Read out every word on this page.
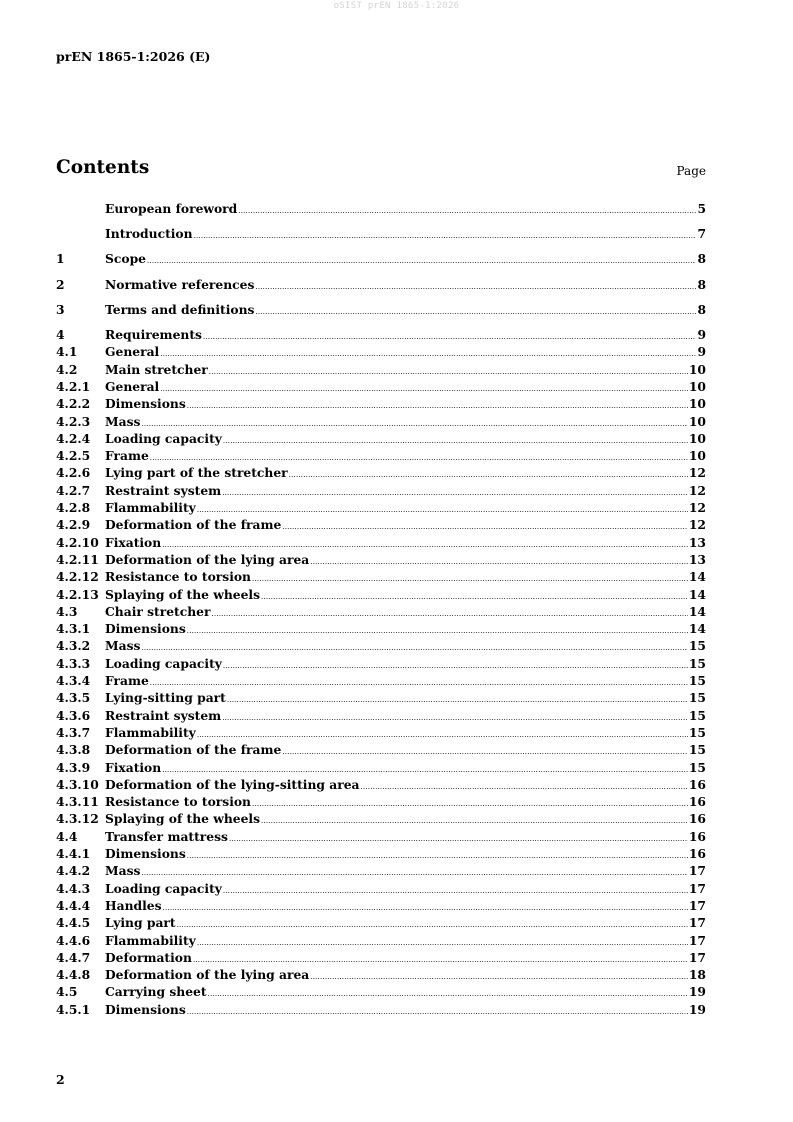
oSIST prEN 1865-1:2026
prEN 1865-1:2026 (E)
Contents	Page
European foreword .....	5
Introduction .....	7
1	Scope .....	8
2	Normative references .....	8
3	Terms and definitions .....	8
4	Requirements .....	9
4.1	General .....	9
4.2	Main stretcher .....	10
4.2.1	General .....	10
4.2.2	Dimensions .....	10
4.2.3	Mass .....	10
4.2.4	Loading capacity .....	10
4.2.5	Frame .....	10
4.2.6	Lying part of the stretcher .....	12
4.2.7	Restraint system .....	12
4.2.8	Flammability .....	12
4.2.9	Deformation of the frame .....	12
4.2.10 Fixation .....	13
4.2.11 Deformation of the lying area .....	13
4.2.12 Resistance to torsion .....	14
4.2.13 Splaying of the wheels .....	14
4.3	Chair stretcher .....	14
4.3.1	Dimensions .....	14
4.3.2	Mass .....	15
4.3.3	Loading capacity .....	15
4.3.4	Frame .....	15
4.3.5	Lying-sitting part .....	15
4.3.6	Restraint system .....	15
4.3.7	Flammability .....	15
4.3.8	Deformation of the frame .....	15
4.3.9	Fixation .....	15
4.3.10 Deformation of the lying-sitting area .....	16
4.3.11 Resistance to torsion .....	16
4.3.12 Splaying of the wheels .....	16
4.4	Transfer mattress .....	16
4.4.1	Dimensions .....	16
4.4.2	Mass .....	17
4.4.3	Loading capacity .....	17
4.4.4	Handles .....	17
4.4.5	Lying part .....	17
4.4.6	Flammability .....	17
4.4.7	Deformation .....	17
4.4.8	Deformation of the lying area .....	18
4.5	Carrying sheet .....	19
4.5.1	Dimensions .....	19
2
